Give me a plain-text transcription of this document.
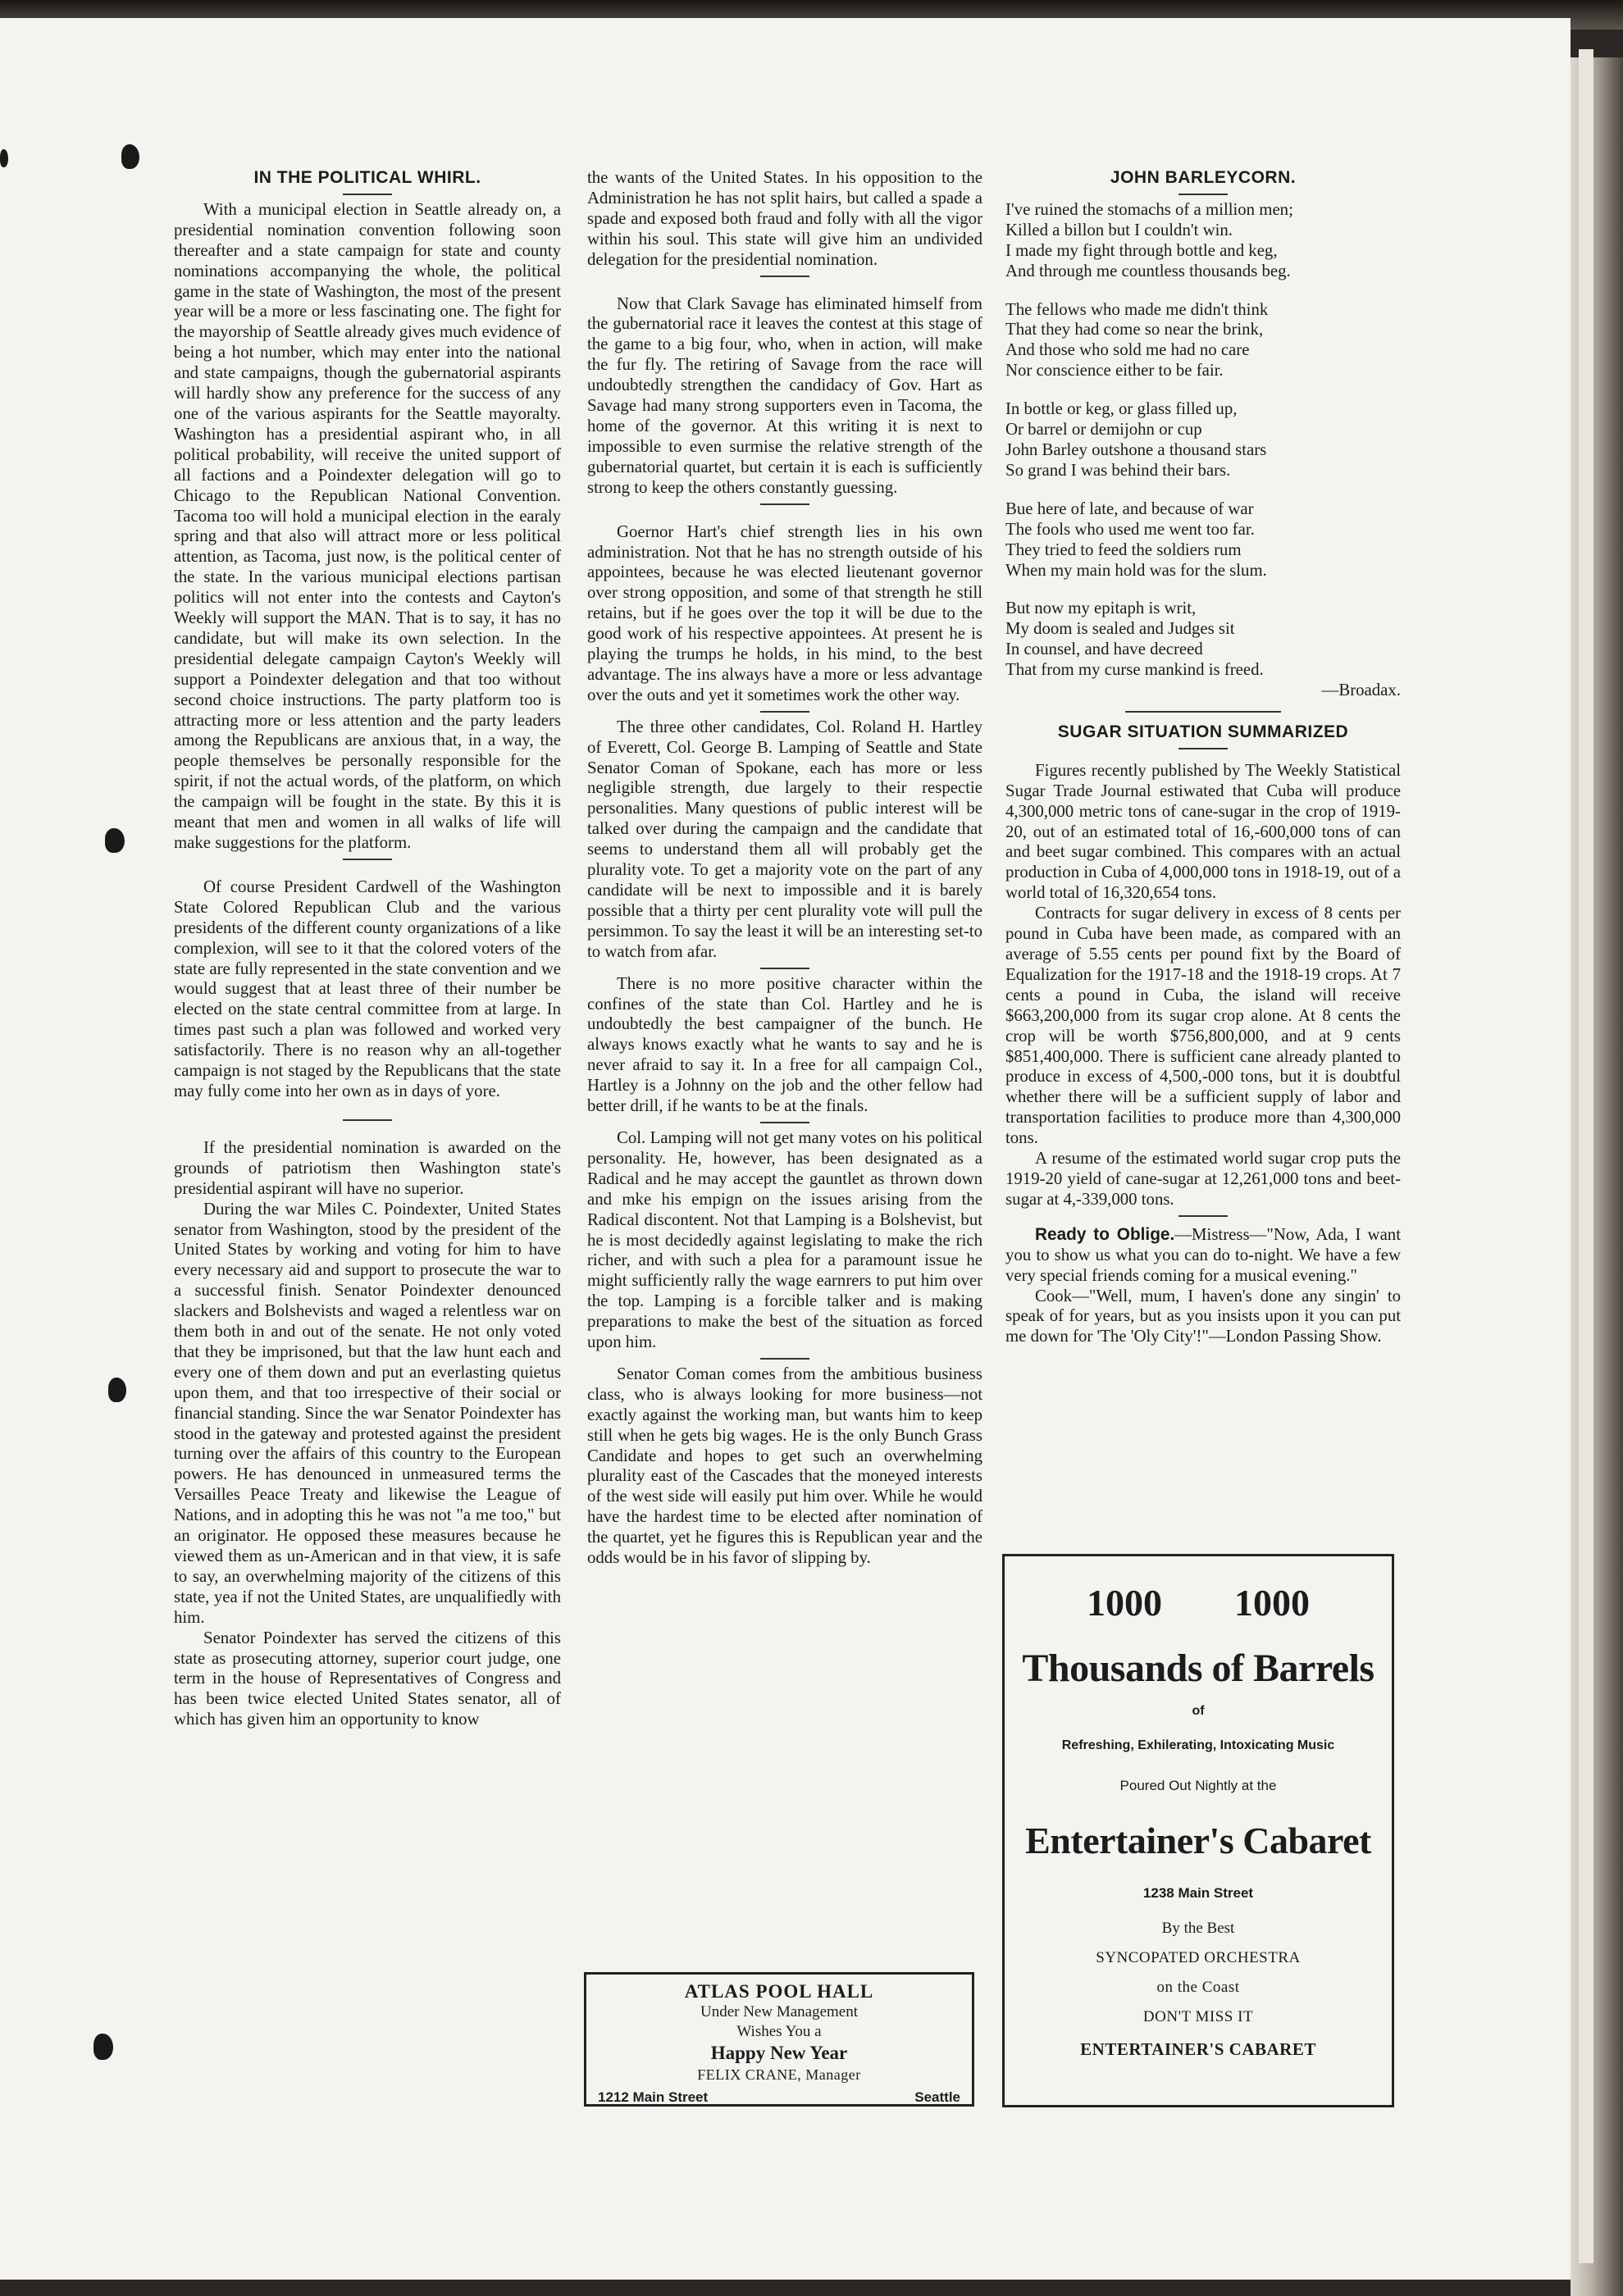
IN THE POLITICAL WHIRL.

With a municipal election in Seattle already on, a presidential nomination convention following soon thereafter and a state campaign for state and county nominations accompanying the whole, the political game in the state of Washington, the most of the present year will be a more or less fascinating one. The fight for the mayorship of Seattle already gives much evidence of being a hot number, which may enter into the national and state campaigns, though the gubernatorial aspirants will hardly show any preference for the success of any one of the various aspirants for the Seattle mayoralty. Washington has a presidential aspirant who, in all political probability, will receive the united support of all factions and a Poindexter delegation will go to Chicago to the Republican National Convention. Tacoma too will hold a municipal election in the earaly spring and that also will attract more or less political attention, as Tacoma, just now, is the political center of the state. In the various municipal elections partisan politics will not enter into the contests and Cayton's Weekly will support the MAN. That is to say, it has no candidate, but will make its own selection. In the presidential delegate campaign Cayton's Weekly will support a Poindexter delegation and that too without second choice instructions. The party platform too is attracting more or less attention and the party leaders among the Republicans are anxious that, in a way, the people themselves be personally responsible for the spirit, if not the actual words, of the platform, on which the campaign will be fought in the state. By this it is meant that men and women in all walks of life will make suggestions for the platform.

Of course President Cardwell of the Washington State Colored Republican Club and the various presidents of the different county organizations of a like complexion, will see to it that the colored voters of the state are fully represented in the state convention and we would suggest that at least three of their number be elected on the state central committee from at large. In times past such a plan was followed and worked very satisfactorily. There is no reason why an all-together campaign is not staged by the Republicans that the state may fully come into her own as in days of yore.

If the presidential nomination is awarded on the grounds of patriotism then Washington state's presidential aspirant will have no superior.

During the war Miles C. Poindexter, United States senator from Washington, stood by the president of the United States by working and voting for him to have every necessary aid and support to prosecute the war to a successful finish. Senator Poindexter denounced slackers and Bolshevists and waged a relentless war on them both in and out of the senate. He not only voted that they be imprisoned, but that the law hunt each and every one of them down and put an everlasting quietus upon them, and that too irrespective of their social or financial standing. Since the war Senator Poindexter has stood in the gateway and protested against the president turning over the affairs of this country to the European powers. He has denounced in unmeasured terms the Versailles Peace Treaty and likewise the League of Nations, and in adopting this he was not "a me too," but an originator. He opposed these measures because he viewed them as un-American and in that view, it is safe to say, an overwhelming majority of the citizens of this state, yea if not the United States, are unqualifiedly with him.

Senator Poindexter has served the citizens of this state as prosecuting attorney, superior court judge, one term in the house of Representatives of Congress and has been twice elected United States senator, all of which has given him an opportunity to know

the wants of the United States. In his opposition to the Administration he has not split hairs, but called a spade a spade and exposed both fraud and folly with all the vigor within his soul. This state will give him an undivided delegation for the presidential nomination.

Now that Clark Savage has eliminated himself from the gubernatorial race it leaves the contest at this stage of the game to a big four, who, when in action, will make the fur fly. The retiring of Savage from the race will undoubtedly strengthen the candidacy of Gov. Hart as Savage had many strong supporters even in Tacoma, the home of the governor. At this writing it is next to impossible to even surmise the relative strength of the gubernatorial quartet, but certain it is each is sufficiently strong to keep the others constantly guessing.

Goernor Hart's chief strength lies in his own administration. Not that he has no strength outside of his appointees, because he was elected lieutenant governor over strong opposition, and some of that strength he still retains, but if he goes over the top it will be due to the good work of his respective appointees. At present he is playing the trumps he holds, in his mind, to the best advantage. The ins always have a more or less advantage over the outs and yet it sometimes work the other way.

The three other candidates, Col. Roland H. Hartley of Everett, Col. George B. Lamping of Seattle and State Senator Coman of Spokane, each has more or less negligible strength, due largely to their respectie personalities. Many questions of public interest will be talked over during the campaign and the candidate that seems to understand them all will probably get the plurality vote. To get a majority vote on the part of any candidate will be next to impossible and it is barely possible that a thirty per cent plurality vote will pull the persimmon. To say the least it will be an interesting set-to to watch from afar.

There is no more positive character within the confines of the state than Col. Hartley and he is undoubtedly the best campaigner of the bunch. He always knows exactly what he wants to say and he is never afraid to say it. In a free for all campaign Col., Hartley is a Johnny on the job and the other fellow had better drill, if he wants to be at the finals.

Col. Lamping will not get many votes on his political personality. He, however, has been designated as a Radical and he may accept the gauntlet as thrown down and mke his empign on the issues arising from the Radical discontent. Not that Lamping is a Bolshevist, but he is most decidedly against legislating to make the rich richer, and with such a plea for a paramount issue he might sufficiently rally the wage earnrers to put him over the top. Lamping is a forcible talker and is making preparations to make the best of the situation as forced upon him.

Senator Coman comes from the ambitious business class, who is always looking for more business—not exactly against the working man, but wants him to keep still when he gets big wages. He is the only Bunch Grass Candidate and hopes to get such an overwhelming plurality east of the Cascades that the moneyed interests of the west side will easily put him over. While he would have the hardest time to be elected after nomination of the quartet, yet he figures this is Republican year and the odds would be in his favor of slipping by.

ATLAS POOL HALL
Under New Management
Wishes You a
Happy New Year
FELIX CRANE, Manager
1212 Main Street	Seattle
JOHN BARLEYCORN.

I've ruined the stomachs of a million men;

Killed a billon but I couldn't win.

I made my fight through bottle and keg,

And through me countless thousands beg.

The fellows who made me didn't think

That they had come so near the brink,

And those who sold me had no care

Nor conscience either to be fair.

In bottle or keg, or glass filled up,

Or barrel or demijohn or cup

John Barley outshone a thousand stars

So grand I was behind their bars.

Bue here of late, and because of war

The fools who used me went too far.

They tried to feed the soldiers rum

When my main hold was for the slum.

But now my epitaph is writ,

My doom is sealed and Judges sit

In counsel, and have decreed

That from my curse mankind is freed.

—Broadax.

SUGAR SITUATION SUMMARIZED

Figures recently published by The Weekly Statistical Sugar Trade Journal estiwated that Cuba will produce 4,300,000 metric tons of cane-sugar in the crop of 1919-20, out of an estimated total of 16,-600,000 tons of can and beet sugar combined. This compares with an actual production in Cuba of 4,000,000 tons in 1918-19, out of a world total of 16,320,654 tons.

Contracts for sugar delivery in excess of 8 cents per pound in Cuba have been made, as compared with an average of 5.55 cents per pound fixt by the Board of Equalization for the 1917-18 and the 1918-19 crops. At 7 cents a pound in Cuba, the island will receive $663,200,000 from its sugar crop alone. At 8 cents the crop will be worth $756,800,000, and at 9 cents $851,400,000. There is sufficient cane already planted to produce in excess of 4,500,-000 tons, but it is doubtful whether there will be a sufficient supply of labor and transportation facilities to produce more than 4,300,000 tons.

A resume of the estimated world sugar crop puts the 1919-20 yield of cane-sugar at 12,261,000 tons and beet-sugar at 4,-339,000 tons.

Ready to Oblige.—Mistress—"Now, Ada, I want you to show us what you can do to-night. We have a few very special friends coming for a musical evening."

Cook—"Well, mum, I haven's done any singin' to speak of for years, but as you insists upon it you can put me down for 'The 'Oly City'!"—London Passing Show.

1000 1000
Thousands of Barrels
of
Refreshing, Exhilerating, Intoxicating Music
Poured Out Nightly at the
Entertainer's Cabaret
1238 Main Street
By the Best
SYNCOPATED ORCHESTRA
on the Coast
DON'T MISS IT
ENTERTAINER'S CABARET
